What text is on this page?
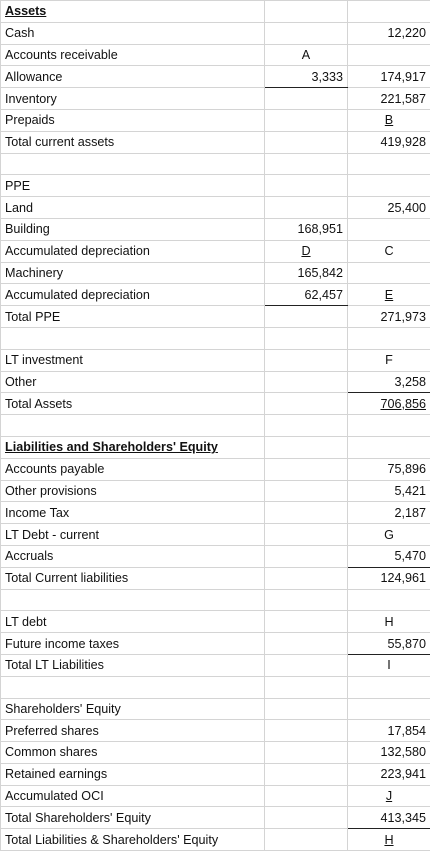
Assets		
Cash		12,220
Accounts receivable	A	
Allowance	3,333	174,917
Inventory		221,587
Prepaids		B
Total current assets		419,928

PPE		
Land		25,400
Building	168,951	
Accumulated depreciation	D	C
Machinery	165,842	
Accumulated depreciation	62,457	E
Total PPE		271,973

LT investment		F
Other		3,258
Total Assets		706,856

Liabilities and Shareholders' Equity		
Accounts payable		75,896
Other provisions		5,421
Income Tax		2,187
LT Debt - current		G
Accruals		5,470
Total Current liabilities		124,961

LT debt		H
Future income taxes		55,870
Total LT Liabilities		I

Shareholders' Equity		
Preferred shares		17,854
Common shares		132,580
Retained earnings		223,941
Accumulated OCI		J
Total Shareholders' Equity		413,345
Total Liabilities & Shareholders' Equity		H
